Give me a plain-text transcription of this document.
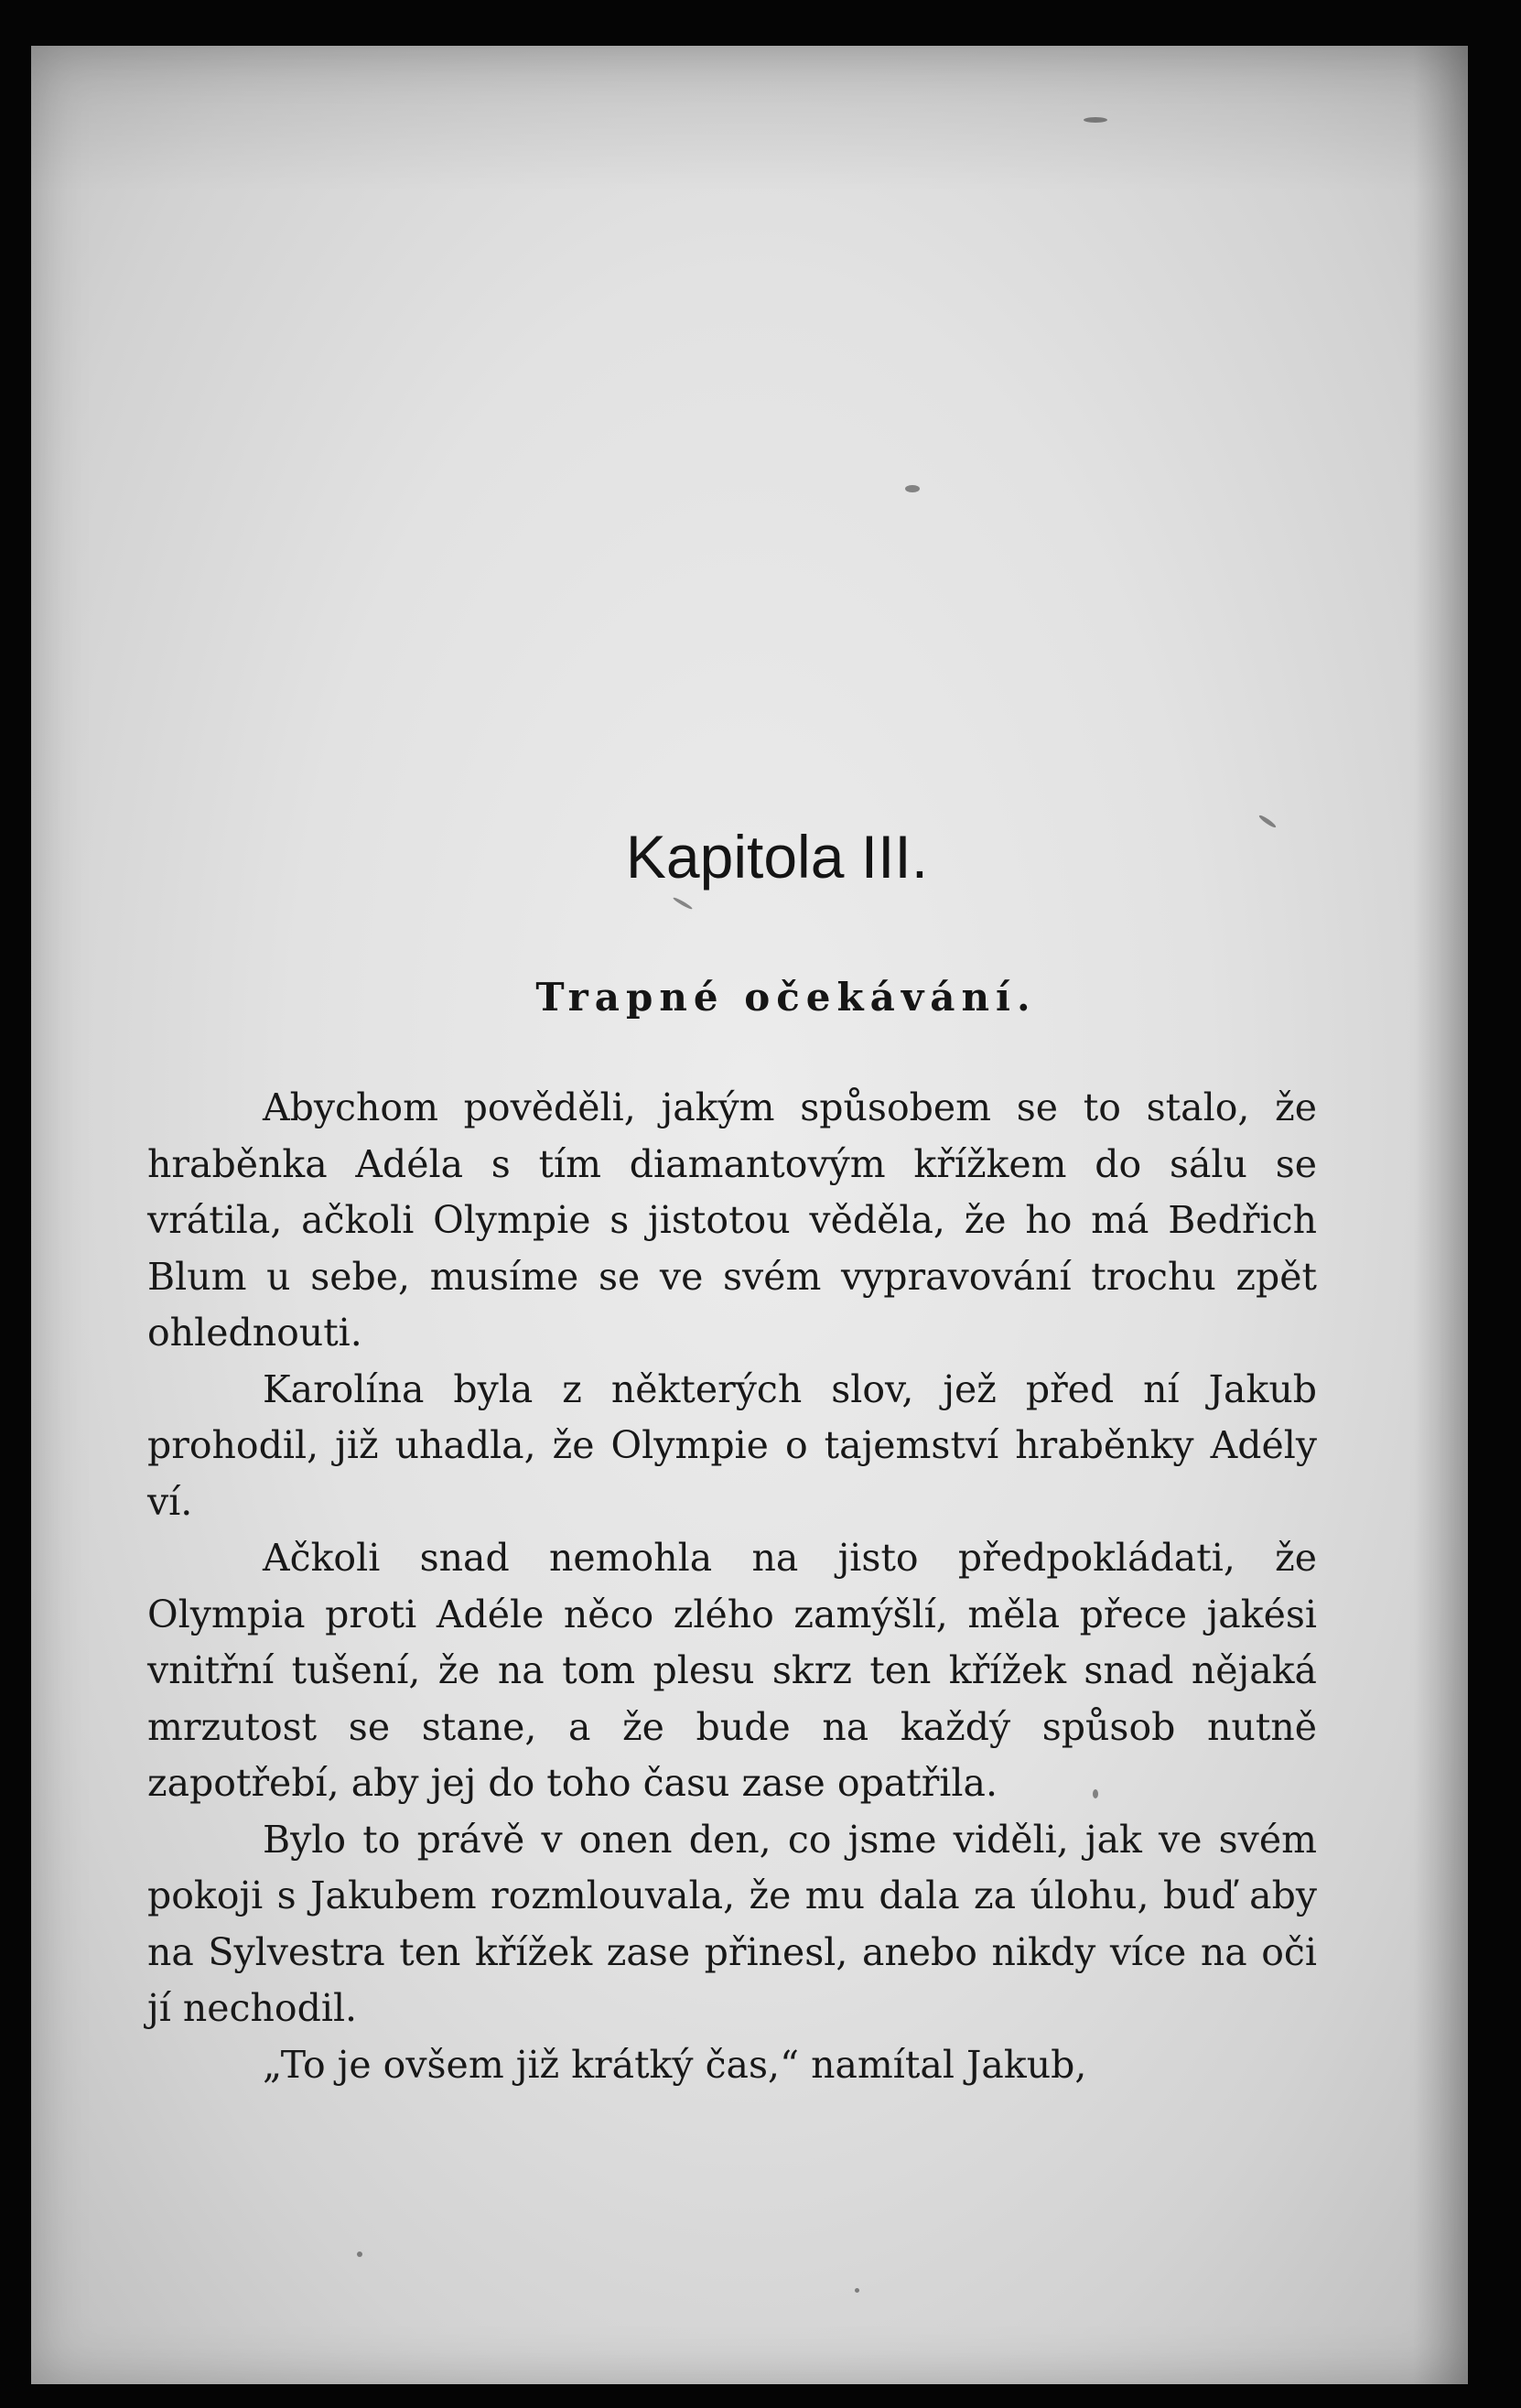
Kapitola III.
Trapné očekávání.

Abychom pověděli, jakým spůsobem se to stalo, že hraběnka Adéla s tím diamantovým křížkem do sálu se vrátila, ačkoli Olympie s jistotou věděla, že ho má Bedřich Blum u sebe, musíme se ve svém vypravování trochu zpět ohlednouti.

Karolína byla z některých slov, jež před ní Jakub prohodil, již uhadla, že Olympie o tajemství hraběnky Adély ví.

Ačkoli snad nemohla na jisto předpokládati, že Olympia proti Adéle něco zlého zamýšlí, měla přece jakési vnitřní tušení, že na tom plesu skrz ten křížek snad nějaká mrzutost se stane, a že bude na každý spůsob nutně zapotřebí, aby jej do toho času zase opatřila.

Bylo to právě v onen den, co jsme viděli, jak ve svém pokoji s Jakubem rozmlouvala, že mu dala za úlohu, buď aby na Sylvestra ten křížek zase přinesl, anebo nikdy více na oči jí nechodil.

„To je ovšem již krátký čas,“ namítal Jakub,
